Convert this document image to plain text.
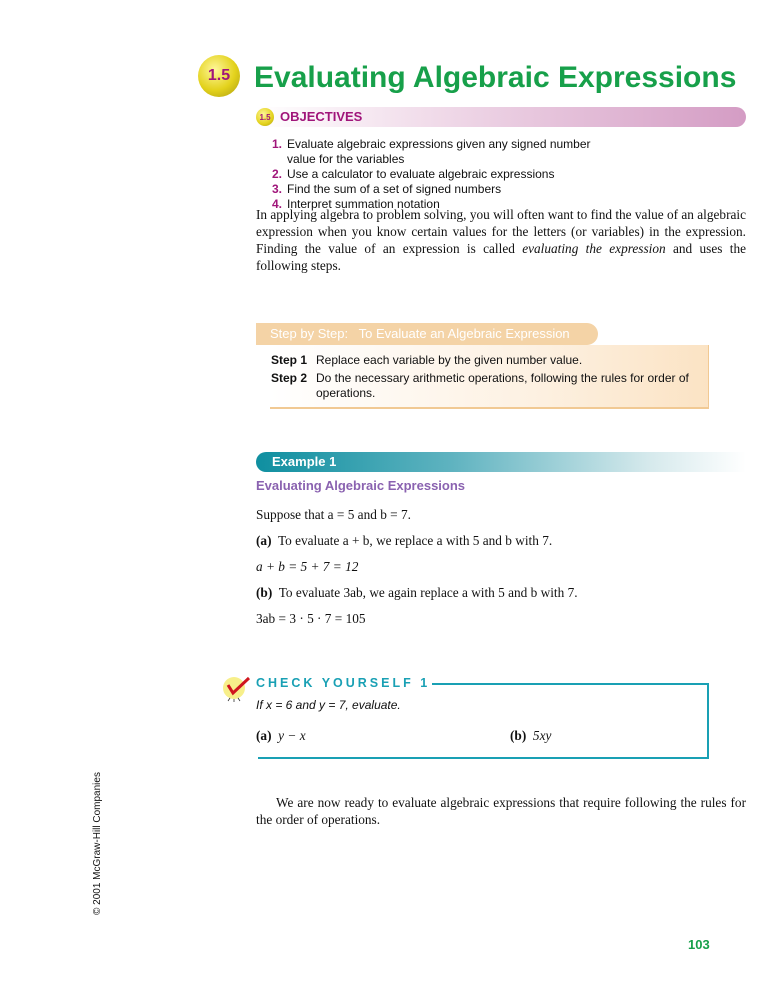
1.5 Evaluating Algebraic Expressions
1.5 OBJECTIVES
1. Evaluate algebraic expressions given any signed number value for the variables
2. Use a calculator to evaluate algebraic expressions
3. Find the sum of a set of signed numbers
4. Interpret summation notation

In applying algebra to problem solving, you will often want to find the value of an algebraic expression when you know certain values for the letters (or variables) in the expression. Finding the value of an expression is called evaluating the expression and uses the following steps.

Step by Step:   To Evaluate an Algebraic Expression
Step 1 Replace each variable by the given number value.
Step 2 Do the necessary arithmetic operations, following the rules for order of operations.
Example 1
Evaluating Algebraic Expressions
Suppose that a = 5 and b = 7.
(a) To evaluate a + b, we replace a with 5 and b with 7.
a + b = 5 + 7 = 12
(b) To evaluate 3ab, we again replace a with 5 and b with 7.
3ab = 3 · 5 · 7 = 105
CHECK YOURSELF 1
If x = 6 and y = 7, evaluate.
(a) y − x	(b) 5xy

We are now ready to evaluate algebraic expressions that require following the rules for the order of operations.

© 2001 McGraw-Hill Companies
103
